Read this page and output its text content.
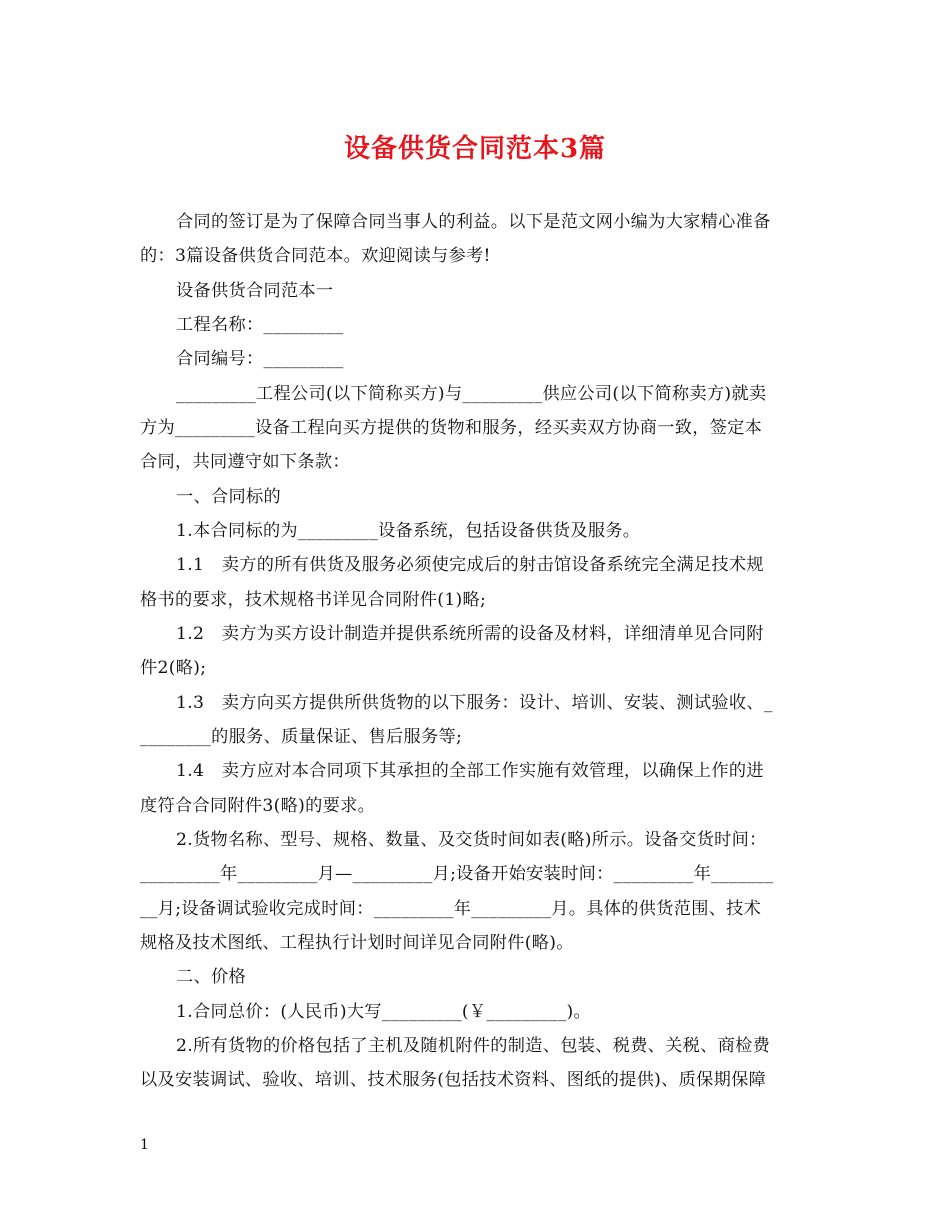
设备供货合同范本3篇
合同的签订是为了保障合同当事人的利益。以下是范文网小编为大家精心准备
的：3篇设备供货合同范本。欢迎阅读与参考!
设备供货合同范本一
工程名称：_________
合同编号：_________
_________工程公司(以下简称买方)与_________供应公司(以下简称卖方)就卖
方为_________设备工程向买方提供的货物和服务，经买卖双方协商一致，签定本
合同，共同遵守如下条款：
一、合同标的
1.本合同标的为_________设备系统，包括设备供货及服务。
1.1　卖方的所有供货及服务必须使完成后的射击馆设备系统完全满足技术规
格书的要求，技术规格书详见合同附件(1)略;
1.2　卖方为买方设计制造并提供系统所需的设备及材料，详细清单见合同附
件2(略);
1.3　卖方向买方提供所供货物的以下服务：设计、培训、安装、测试验收、_
________的服务、质量保证、售后服务等;
1.4　卖方应对本合同项下其承担的全部工作实施有效管理，以确保上作的进
度符合合同附件3(略)的要求。
2.货物名称、型号、规格、数量、及交货时间如表(略)所示。设备交货时间：
_________年_________月—_________月;设备开始安装时间：_________年_______
__月;设备调试验收完成时间：_________年_________月。具体的供货范围、技术
规格及技术图纸、工程执行计划时间详见合同附件(略)。
二、价格
1.合同总价：(人民币)大写_________(￥_________)。
2.所有货物的价格包括了主机及随机附件的制造、包装、税费、关税、商检费
以及安装调试、验收、培训、技术服务(包括技术资料、图纸的提供)、质保期保障
1
